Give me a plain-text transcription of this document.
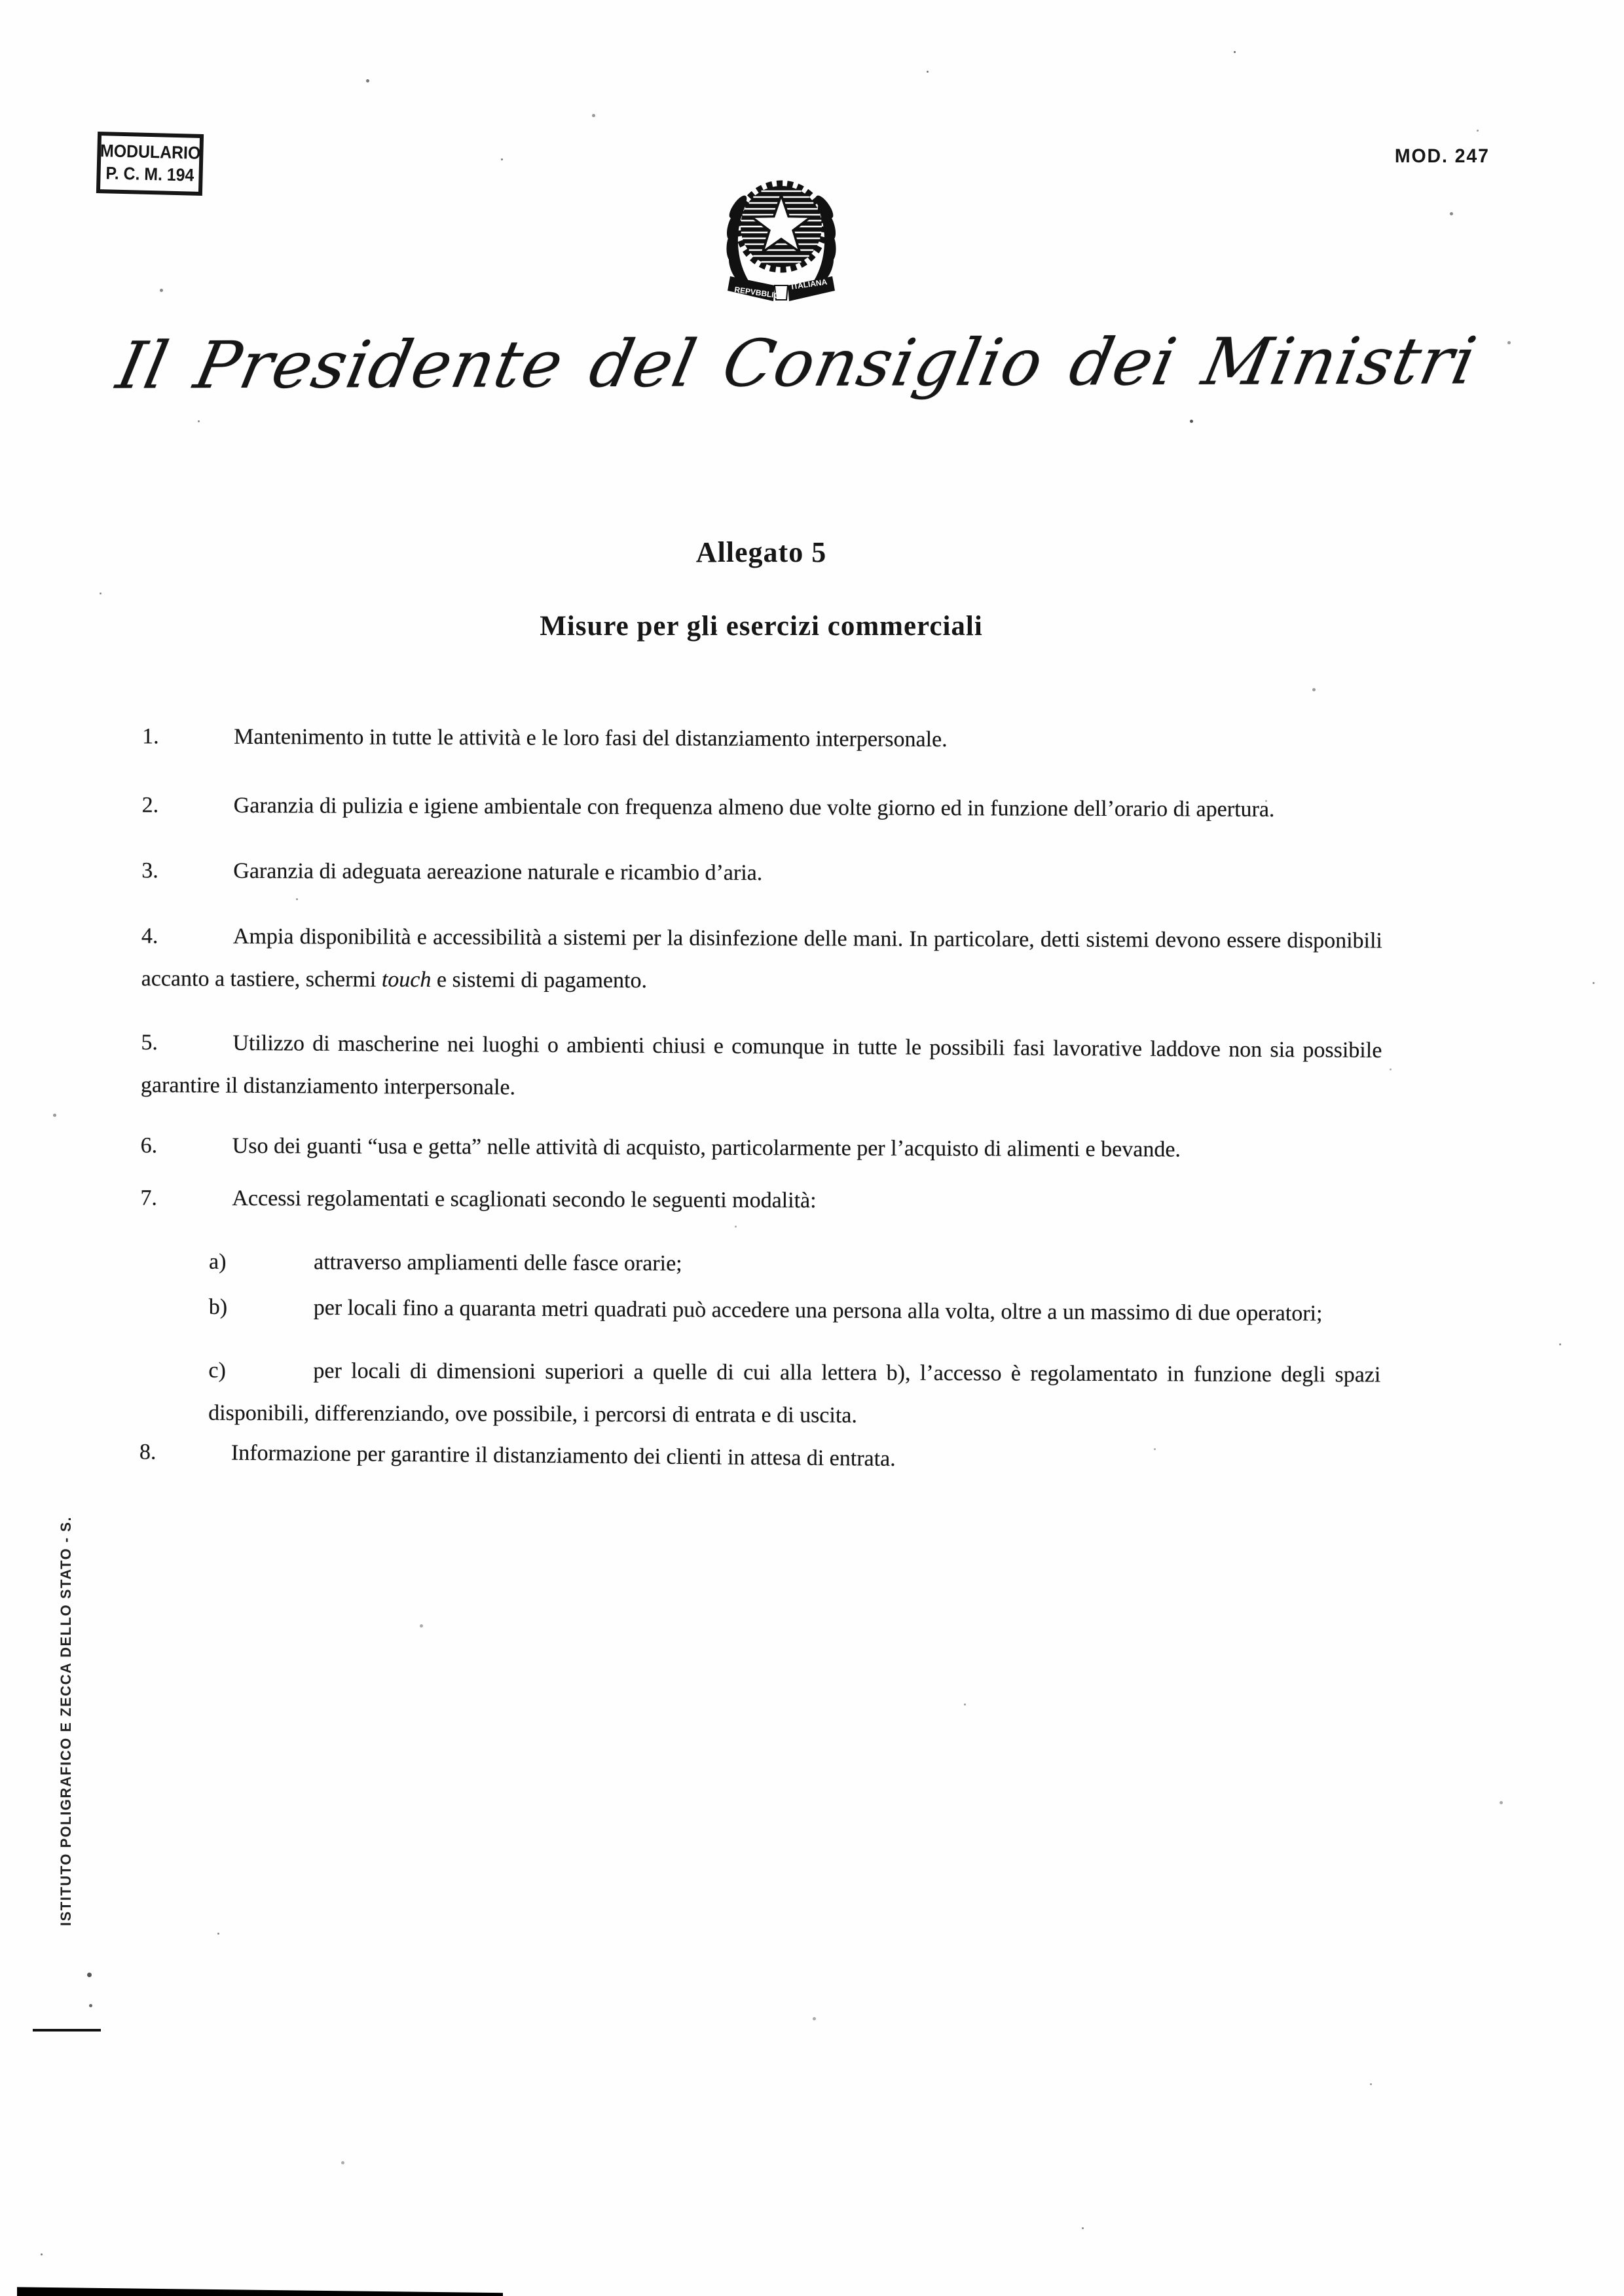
MODULARIO
P. C. M. 194
MOD. 247
REPVBBLICA
ITALIANA
Il Presidente del Consiglio dei Ministri
Allegato 5
Misure per gli esercizi commerciali

1.	Mantenimento in tutte le attività e le loro fasi del distanziamento interpersonale.

2.	Garanzia di pulizia e igiene ambientale con frequenza almeno due volte giorno ed in funzione dell’orario di apertura.

3.	Garanzia di adeguata aereazione naturale e ricambio d’aria.

4.	Ampia disponibilità e accessibilità a sistemi per la disinfezione delle mani. In particolare, detti sistemi devono essere disponibili accanto a tastiere, schermi touch e sistemi di pagamento.

5.	Utilizzo di mascherine nei luoghi o ambienti chiusi e comunque in tutte le possibili fasi lavorative laddove non sia possibile garantire il distanziamento interpersonale.

6.	Uso dei guanti “usa e getta” nelle attività di acquisto, particolarmente per l’acquisto di alimenti e bevande.

7.	Accessi regolamentati e scaglionati secondo le seguenti modalità:

a)	attraverso ampliamenti delle fasce orarie;

b)	per locali fino a quaranta metri quadrati può accedere una persona alla volta, oltre a un massimo di due operatori;

c)	per locali di dimensioni superiori a quelle di cui alla lettera b), l’accesso è regolamentato in funzione degli spazi disponibili, differenziando, ove possibile, i percorsi di entrata e di uscita.

8.	Informazione per garantire il distanziamento dei clienti in attesa di entrata.

ISTITUTO POLIGRAFICO E ZECCA DELLO STATO - S.
